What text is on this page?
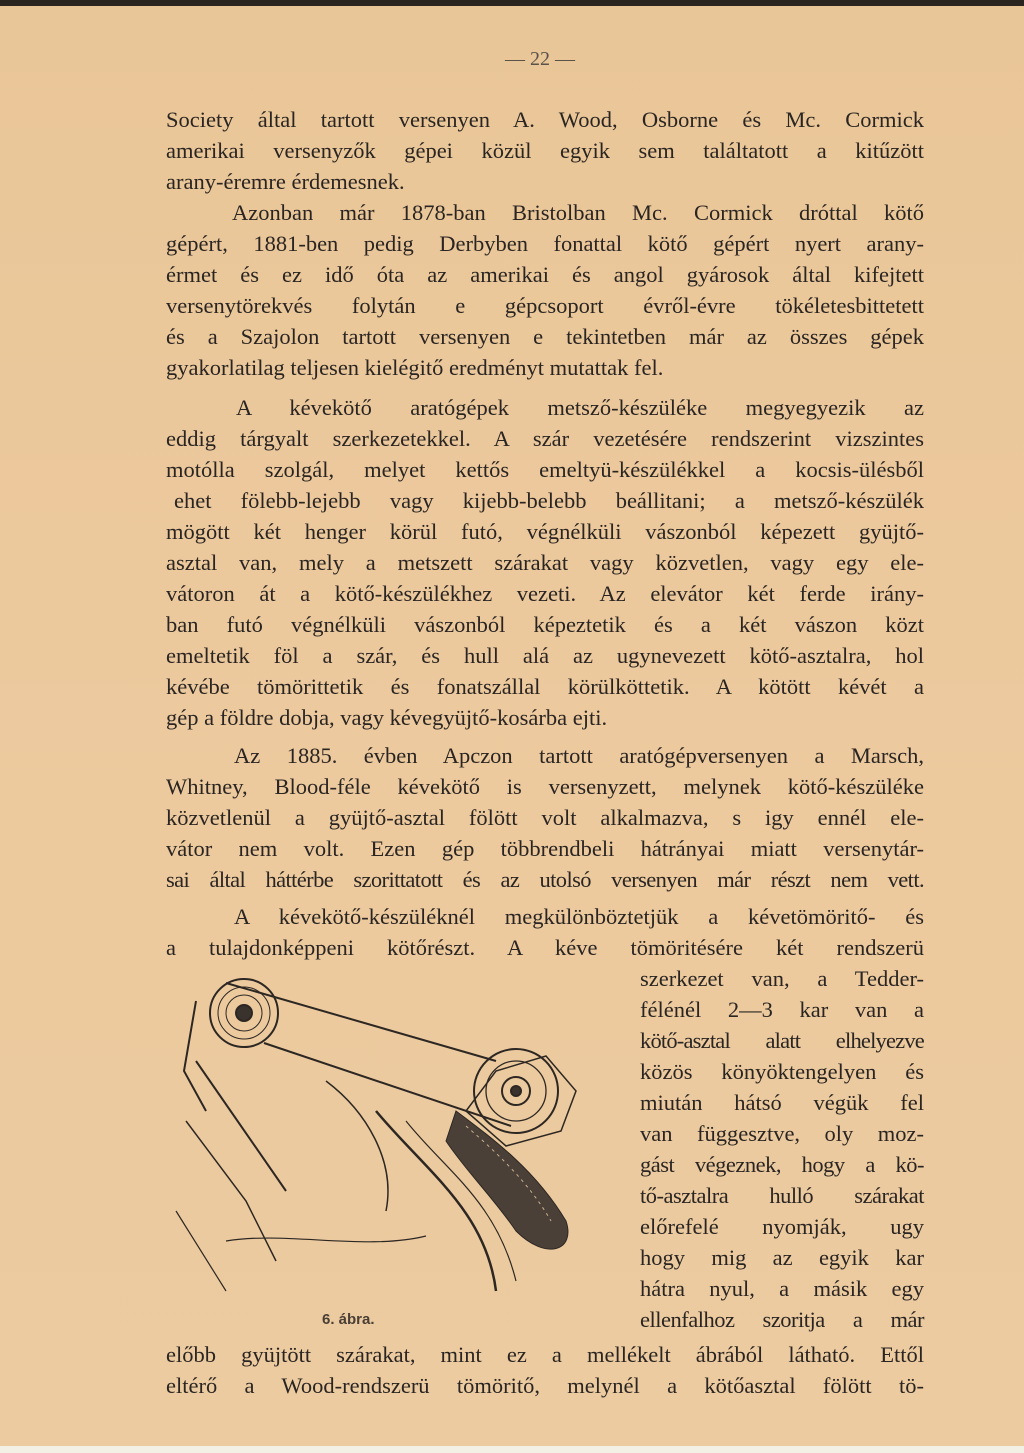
— 22 —
Society által tartott versenyen A. Wood, Osborne és Mc. Cormick
amerikai versenyzők gépei közül egyik sem találtatott a kitűzött
arany-éremre érdemesnek.
Azonban már 1878-ban Bristolban Mc. Cormick dróttal kötő
gépért, 1881-ben pedig Derbyben fonattal kötő gépért nyert arany-
érmet és ez idő óta az amerikai és angol gyárosok által kifejtett
versenytörekvés folytán e gépcsoport évről-évre tökéletesbittetett
és a Szajolon tartott versenyen e tekintetben már az összes gépek
gyakorlatilag teljesen kielégitő eredményt mutattak fel.
A kévekötő aratógépek metsző-készüléke megyegyezik az
eddig tárgyalt szerkezetekkel. A szár vezetésére rendszerint vizszintes
motólla szolgál, melyet kettős emeltyü-készülékkel a kocsis-ülésből
ehet fölebb-lejebb vagy kijebb-belebb beállitani; a metsző-készülék
mögött két henger körül futó, végnélküli vászonból képezett gyüjtő-
asztal van, mely a metszett szárakat vagy közvetlen, vagy egy ele-
vátoron át a kötő-készülékhez vezeti. Az elevátor két ferde irány-
ban futó végnélküli vászonból képeztetik és a két vászon közt
emeltetik föl a szár, és hull alá az ugynevezett kötő-asztalra, hol
kévébe tömörittetik és fonatszállal körülköttetik. A kötött kévét a
gép a földre dobja, vagy kévegyüjtő-kosárba ejti.
Az 1885. évben Apczon tartott aratógépversenyen a Marsch,
Whitney, Blood-féle kévekötő is versenyzett, melynek kötő-készüléke
közvetlenül a gyüjtő-asztal fölött volt alkalmazva, s igy ennél ele-
vátor nem volt. Ezen gép többrendbeli hátrányai miatt versenytár-
sai által háttérbe szorittatott és az utolsó versenyen már részt nem vett.
A kévekötő-készüléknél megkülönböztetjük a kévetömöritő- és
a tulajdonképpeni kötőrészt. A kéve tömöritésére két rendszerü
szerkezet van, a Tedder-
félénél 2—3 kar van a
kötő-asztal alatt elhelyezve
közös könyöktengelyen és
miután hátsó végük fel
van függesztve, oly moz-
gást végeznek, hogy a kö-
tő-asztalra hulló szárakat
előrefelé nyomják, ugy
hogy mig az egyik kar
hátra nyul, a másik egy
ellenfalhoz szoritja a már
6. ábra.
előbb gyüjtött szárakat, mint ez a mellékelt ábrából látható. Ettől
eltérő a Wood-rendszerü tömöritő, melynél a kötőasztal fölött tö-
